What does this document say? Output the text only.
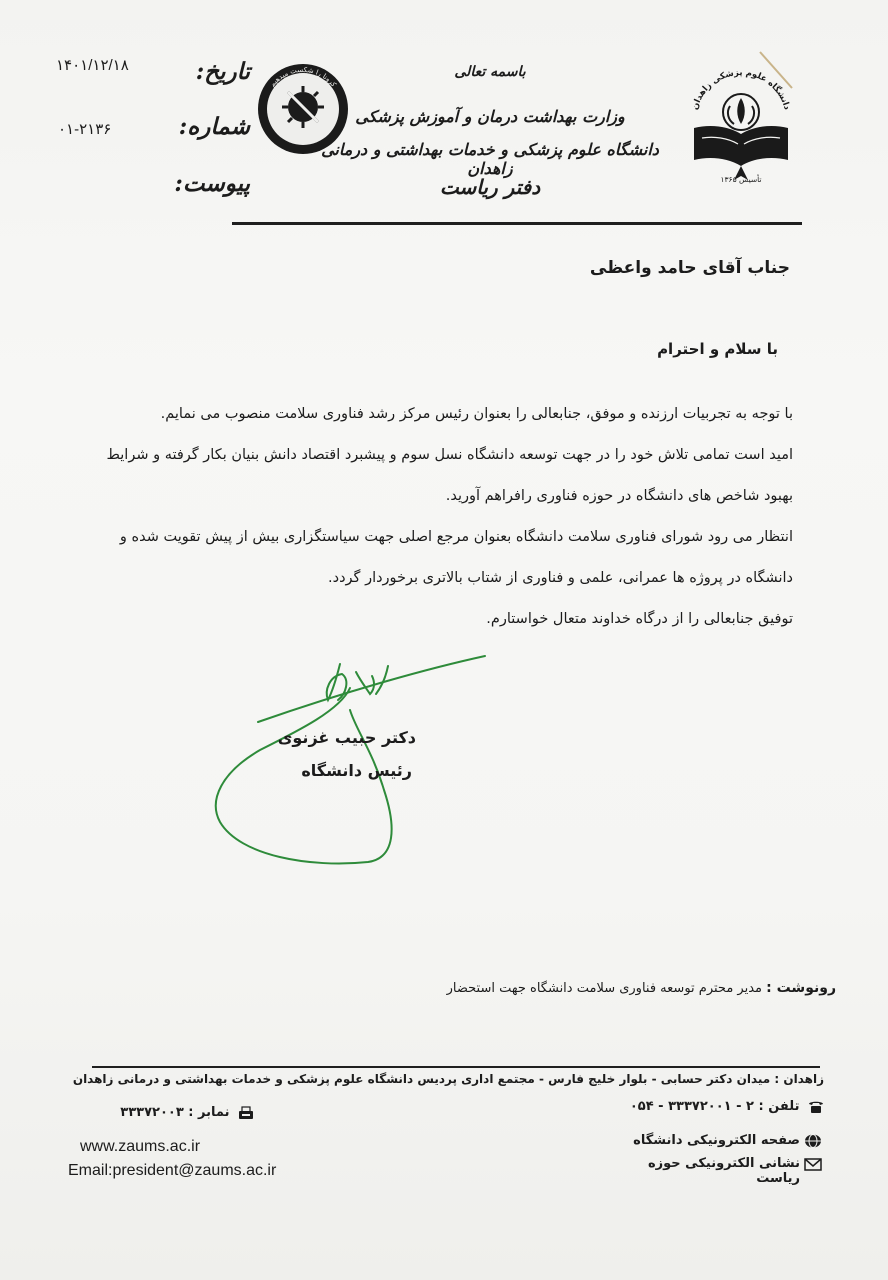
دانشگاه علوم پزشکی زاهدان
تأسیس ۱۳۶۵
کرونا را شکست میدهیم
COVID-19
تاریخ:
۱۴۰۱/۱۲/۱۸
شماره:
۰۱-۲۱۳۶
پیوست:
باسمه تعالی
وزارت بهداشت درمان و آموزش پزشکی
دانشگاه علوم پزشکی و خدمات بهداشتی و درمانی زاهدان
دفتر ریاست
جناب آقای حامد واعظی
با سلام و احترام

با توجه به تجربیات ارزنده و موفق، جنابعالی را بعنوان رئیس مرکز رشد فناوری سلامت منصوب می نمایم.

امید است تمامی تلاش خود را در جهت توسعه دانشگاه نسل سوم و پیشبرد اقتصاد دانش بنیان بکار گرفته و شرایط بهبود شاخص های دانشگاه در حوزه فناوری رافراهم آورید.

انتظار می رود شورای فناوری سلامت دانشگاه بعنوان مرجع اصلی جهت سیاستگزاری بیش از پیش تقویت شده و دانشگاه در پروژه ها عمرانی، علمی و فناوری از شتاب بالاتری برخوردار گردد.

توفیق جنابعالی را از درگاه خداوند متعال خواستارم.

دکتر حبیب غزنوی
رئیس دانشگاه
رونوشت : مدیر محترم توسعه فناوری سلامت دانشگاه جهت استحضار
زاهدان : میدان دکتر حسابی - بلوار خلیج فارس - مجتمع اداری پردیس دانشگاه علوم پزشکی و خدمات بهداشتی و درمانی زاهدان
تلفن : ۲ - ۳۳۳۷۲۰۰۱ - ۰۵۴
نمابر : ۳۳۳۷۲۰۰۳
صفحه الکترونیکی دانشگاه
نشانی الکترونیکی حوزه ریاست
www.zaums.ac.ir
Email:president@zaums.ac.ir
